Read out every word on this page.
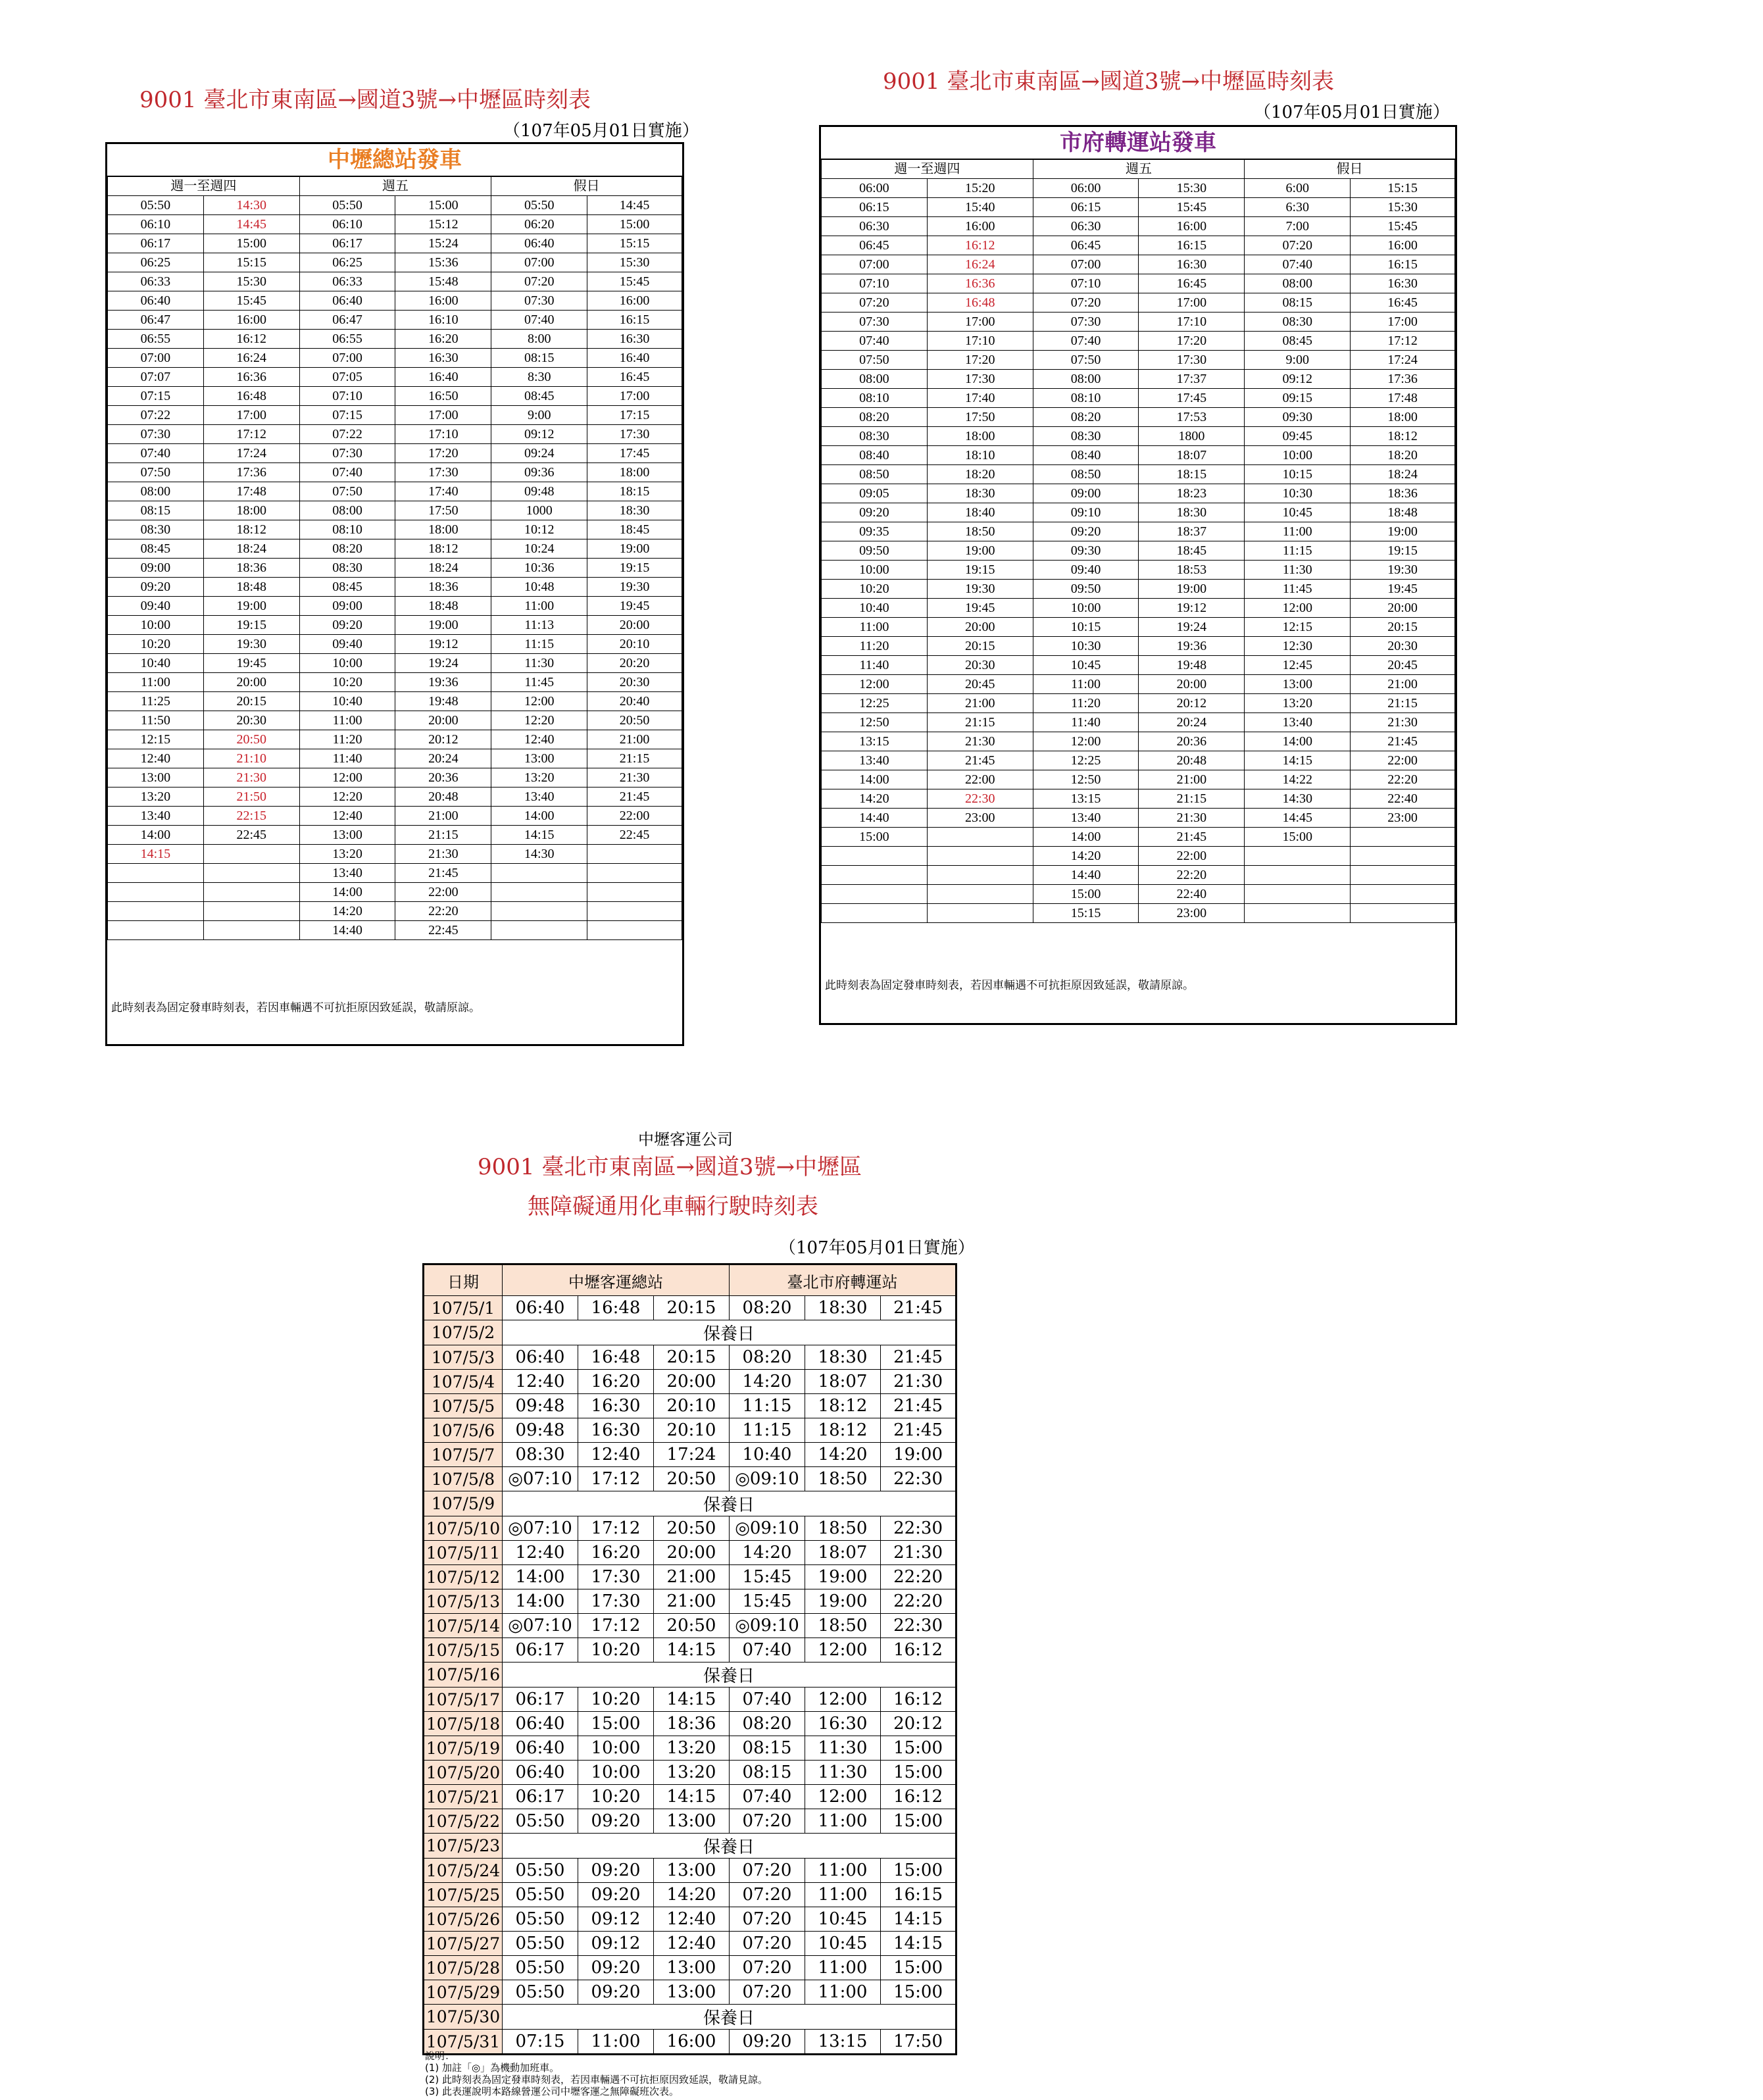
9001 臺北市東南區→國道3號→中壢區時刻表
（107年05月01日實施）
中壢總站發車
週一至週四		週五		假日	
05:50	14:30	05:50	15:00	05:50	14:45
06:10	14:45	06:10	15:12	06:20	15:00
06:17	15:00	06:17	15:24	06:40	15:15
06:25	15:15	06:25	15:36	07:00	15:30
06:33	15:30	06:33	15:48	07:20	15:45
06:40	15:45	06:40	16:00	07:30	16:00
06:47	16:00	06:47	16:10	07:40	16:15
06:55	16:12	06:55	16:20	8:00	16:30
07:00	16:24	07:00	16:30	08:15	16:40
07:07	16:36	07:05	16:40	8:30	16:45
07:15	16:48	07:10	16:50	08:45	17:00
07:22	17:00	07:15	17:00	9:00	17:15
07:30	17:12	07:22	17:10	09:12	17:30
07:40	17:24	07:30	17:20	09:24	17:45
07:50	17:36	07:40	17:30	09:36	18:00
08:00	17:48	07:50	17:40	09:48	18:15
08:15	18:00	08:00	17:50	1000	18:30
08:30	18:12	08:10	18:00	10:12	18:45
08:45	18:24	08:20	18:12	10:24	19:00
09:00	18:36	08:30	18:24	10:36	19:15
09:20	18:48	08:45	18:36	10:48	19:30
09:40	19:00	09:00	18:48	11:00	19:45
10:00	19:15	09:20	19:00	11:13	20:00
10:20	19:30	09:40	19:12	11:15	20:10
10:40	19:45	10:00	19:24	11:30	20:20
11:00	20:00	10:20	19:36	11:45	20:30
11:25	20:15	10:40	19:48	12:00	20:40
11:50	20:30	11:00	20:00	12:20	20:50
12:15	20:50	11:20	20:12	12:40	21:00
12:40	21:10	11:40	20:24	13:00	21:15
13:00	21:30	12:00	20:36	13:20	21:30
13:20	21:50	12:20	20:48	13:40	21:45
13:40	22:15	12:40	21:00	14:00	22:00
14:00	22:45	13:00	21:15	14:15	22:45
14:15		13:20	21:30	14:30	
		13:40	21:45		
		14:00	22:00		
		14:20	22:20		
		14:40	22:45		
此時刻表為固定發車時刻表，若因車輛遇不可抗拒原因致延誤，敬請原諒。
9001 臺北市東南區→國道3號→中壢區時刻表
（107年05月01日實施）
市府轉運站發車
週一至週四		週五		假日	
06:00	15:20	06:00	15:30	6:00	15:15
06:15	15:40	06:15	15:45	6:30	15:30
06:30	16:00	06:30	16:00	7:00	15:45
06:45	16:12	06:45	16:15	07:20	16:00
07:00	16:24	07:00	16:30	07:40	16:15
07:10	16:36	07:10	16:45	08:00	16:30
07:20	16:48	07:20	17:00	08:15	16:45
07:30	17:00	07:30	17:10	08:30	17:00
07:40	17:10	07:40	17:20	08:45	17:12
07:50	17:20	07:50	17:30	9:00	17:24
08:00	17:30	08:00	17:37	09:12	17:36
08:10	17:40	08:10	17:45	09:15	17:48
08:20	17:50	08:20	17:53	09:30	18:00
08:30	18:00	08:30	1800	09:45	18:12
08:40	18:10	08:40	18:07	10:00	18:20
08:50	18:20	08:50	18:15	10:15	18:24
09:05	18:30	09:00	18:23	10:30	18:36
09:20	18:40	09:10	18:30	10:45	18:48
09:35	18:50	09:20	18:37	11:00	19:00
09:50	19:00	09:30	18:45	11:15	19:15
10:00	19:15	09:40	18:53	11:30	19:30
10:20	19:30	09:50	19:00	11:45	19:45
10:40	19:45	10:00	19:12	12:00	20:00
11:00	20:00	10:15	19:24	12:15	20:15
11:20	20:15	10:30	19:36	12:30	20:30
11:40	20:30	10:45	19:48	12:45	20:45
12:00	20:45	11:00	20:00	13:00	21:00
12:25	21:00	11:20	20:12	13:20	21:15
12:50	21:15	11:40	20:24	13:40	21:30
13:15	21:30	12:00	20:36	14:00	21:45
13:40	21:45	12:25	20:48	14:15	22:00
14:00	22:00	12:50	21:00	14:22	22:20
14:20	22:30	13:15	21:15	14:30	22:40
14:40	23:00	13:40	21:30	14:45	23:00
15:00		14:00	21:45	15:00	
		14:20	22:00		
		14:40	22:20		
		15:00	22:40		
		15:15	23:00		
此時刻表為固定發車時刻表，若因車輛遇不可抗拒原因致延誤，敬請原諒。
中壢客運公司
9001 臺北市東南區→國道3號→中壢區
無障礙通用化車輛行駛時刻表
（107年05月01日實施）
日期	中壢客運總站			臺北市府轉運站		
107/5/1	06:40	16:48	20:15	08:20	18:30	21:45
107/5/2	保養日					
107/5/3	06:40	16:48	20:15	08:20	18:30	21:45
107/5/4	12:40	16:20	20:00	14:20	18:07	21:30
107/5/5	09:48	16:30	20:10	11:15	18:12	21:45
107/5/6	09:48	16:30	20:10	11:15	18:12	21:45
107/5/7	08:30	12:40	17:24	10:40	14:20	19:00
107/5/8	◎07:10	17:12	20:50	◎09:10	18:50	22:30
107/5/9	保養日					
107/5/10	◎07:10	17:12	20:50	◎09:10	18:50	22:30
107/5/11	12:40	16:20	20:00	14:20	18:07	21:30
107/5/12	14:00	17:30	21:00	15:45	19:00	22:20
107/5/13	14:00	17:30	21:00	15:45	19:00	22:20
107/5/14	◎07:10	17:12	20:50	◎09:10	18:50	22:30
107/5/15	06:17	10:20	14:15	07:40	12:00	16:12
107/5/16	保養日					
107/5/17	06:17	10:20	14:15	07:40	12:00	16:12
107/5/18	06:40	15:00	18:36	08:20	16:30	20:12
107/5/19	06:40	10:00	13:20	08:15	11:30	15:00
107/5/20	06:40	10:00	13:20	08:15	11:30	15:00
107/5/21	06:17	10:20	14:15	07:40	12:00	16:12
107/5/22	05:50	09:20	13:00	07:20	11:00	15:00
107/5/23	保養日					
107/5/24	05:50	09:20	13:00	07:20	11:00	15:00
107/5/25	05:50	09:20	14:20	07:20	11:00	16:15
107/5/26	05:50	09:12	12:40	07:20	10:45	14:15
107/5/27	05:50	09:12	12:40	07:20	10:45	14:15
107/5/28	05:50	09:20	13:00	07:20	11:00	15:00
107/5/29	05:50	09:20	13:00	07:20	11:00	15:00
107/5/30	保養日					
107/5/31	07:15	11:00	16:00	09:20	13:15	17:50
說明：
(1) 加註「◎」為機動加班車。
(2) 此時刻表為固定發車時刻表，若因車輛遇不可抗拒原因致延誤，敬請見諒。
(3) 此表運說明本路線營運公司中壢客運之無障礙班次表。
